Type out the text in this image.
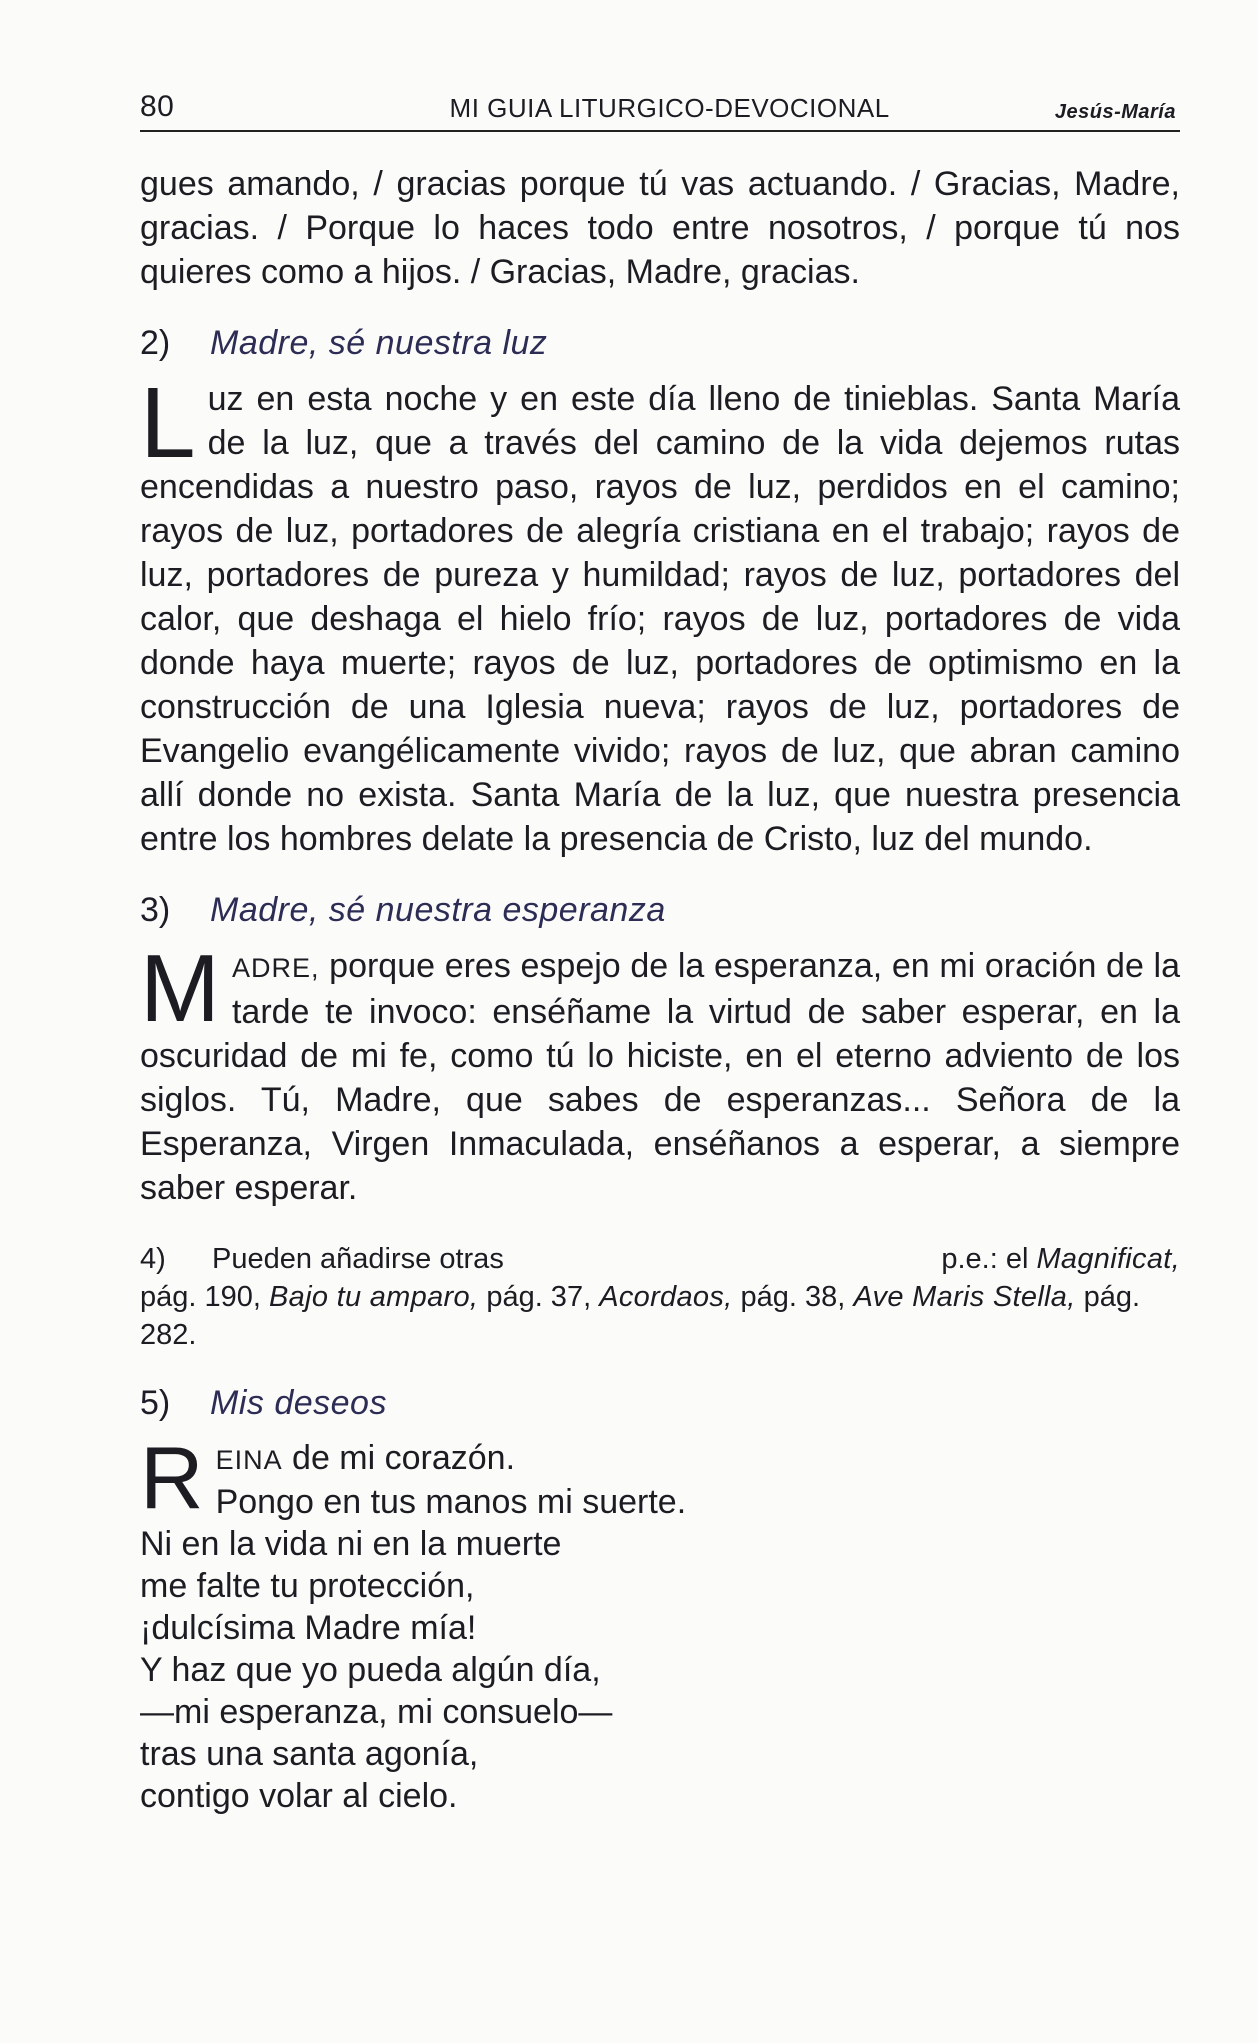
80	MI GUIA LITURGICO-DEVOCIONAL	Jesús-María

gues amando, / gracias porque tú vas actuando. / Gracias, Madre, gracias. / Porque lo haces todo entre nosotros, / porque tú nos quieres como a hijos. / Gracias, Madre, gracias.

2) Madre, sé nuestra luz

Luz en esta noche y en este día lleno de tinieblas. Santa María de la luz, que a través del camino de la vida dejemos rutas encendidas a nuestro paso, rayos de luz, perdidos en el camino; rayos de luz, portadores de alegría cristiana en el trabajo; rayos de luz, portadores de pureza y humildad; rayos de luz, portadores del calor, que deshaga el hielo frío; rayos de luz, portadores de vida donde haya muerte; rayos de luz, portadores de optimismo en la construcción de una Iglesia nueva; rayos de luz, portadores de Evangelio evangélicamente vivido; rayos de luz, que abran camino allí donde no exista. Santa María de la luz, que nuestra presencia entre los hombres delate la presencia de Cristo, luz del mundo.

3) Madre, sé nuestra esperanza

MADRE, porque eres espejo de la esperanza, en mi oración de la tarde te invoco: enséñame la virtud de saber esperar, en la oscuridad de mi fe, como tú lo hiciste, en el eterno adviento de los siglos. Tú, Madre, que sabes de esperanzas... Señora de la Esperanza, Virgen Inmaculada, enséñanos a esperar, a siempre saber esperar.

4)	Pueden añadirse otras	p.e.: el Magnificat,
pág. 190, Bajo tu amparo, pág. 37, Acordaos, pág. 38, Ave Maris Stella, pág. 282.
5) Mis deseos
R EINA de mi corazón.
Pongo en tus manos mi suerte.
Ni en la vida ni en la muerte
me falte tu protección,
¡dulcísima Madre mía!
Y haz que yo pueda algún día,
—mi esperanza, mi consuelo—
tras una santa agonía,
contigo volar al cielo.
